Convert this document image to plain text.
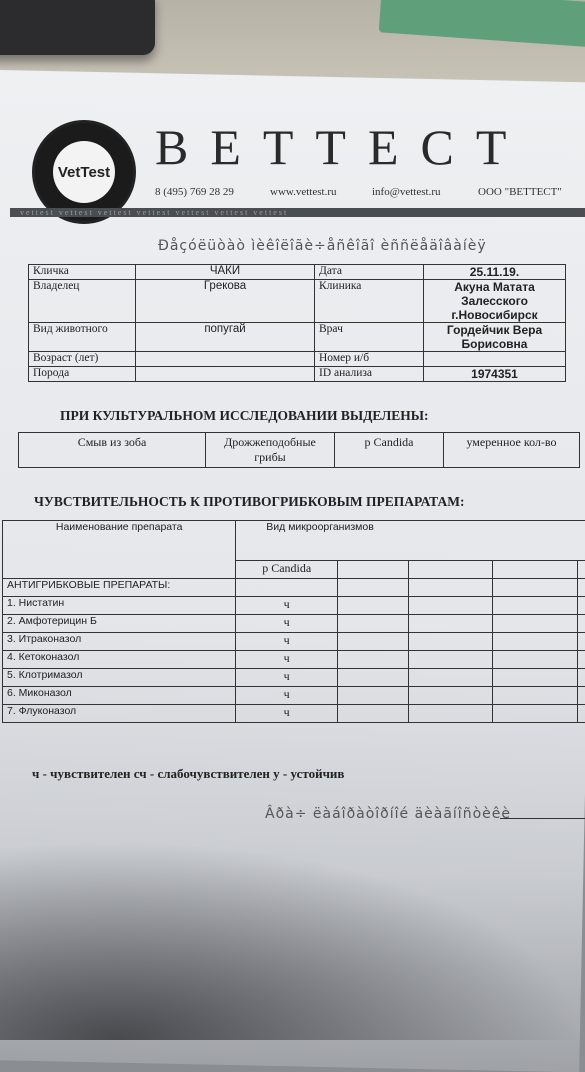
VetTest ВЕТТЕСТ
8 (495) 769 28 29	www.vettest.ru	info@vettest.ru	ООО "ВЕТТЕСТ"
vettest vettest vettest vettest vettest vettest vettest
Ðåçóëüòàò ìèêîëîãè÷åñêîãî èññëåäîâàíèÿ
Кличка	ЧАКИ	Дата	25.11.19.
Владелец	Грекова	Клиника	Акуна Матата Залесского г.Новосибирск
Вид животного	попугай	Врач	Гордейчик Вера Борисовна
Возраст (лет)		Номер и/б	
Порода		ID анализа	1974351
ПРИ КУЛЬТУРАЛЬНОМ ИССЛЕДОВАНИИ ВЫДЕЛЕНЫ:
Смыв из зоба	Дрожжеподобные грибы	р Candida	умеренное кол-во
ЧУВСТВИТЕЛЬНОСТЬ К ПРОТИВОГРИБКОВЫМ ПРЕПАРАТАМ:
Наименование препарата	Вид микроорганизмов				
	р Candida				
АНТИГРИБКОВЫЕ ПРЕПАРАТЫ:					
1. Нистатин	ч				
2. Амфотерицин Б	ч				
3. Итраконазол	ч				
4. Кетоконазол	ч				
5. Клотримазол	ч				
6. Миконазол	ч				
7. Флуконазол	ч				
ч - чувствителен сч - слабочувствителен у - устойчив
Âðà÷ ëàáîðàòîðíîé äèàãíîñòèêè
